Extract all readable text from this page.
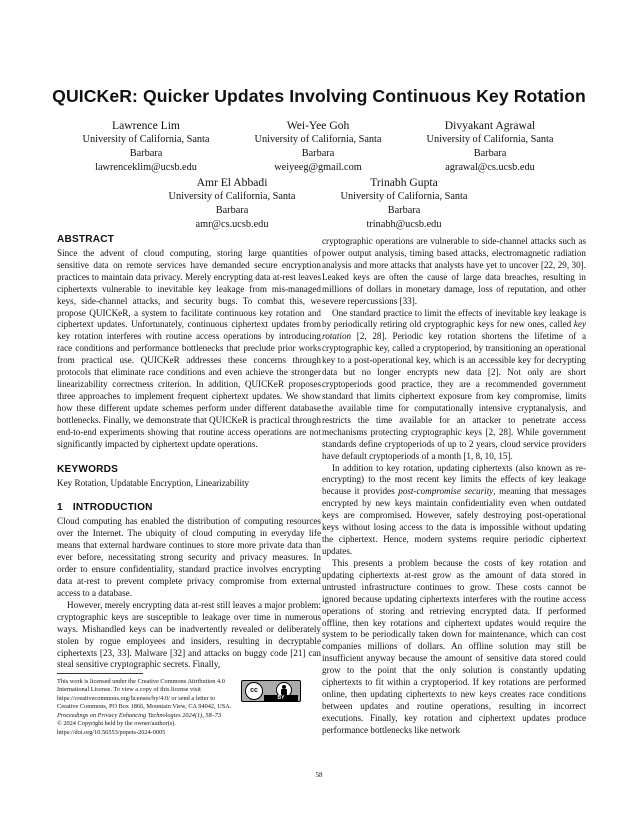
QUICKeR: Quicker Updates Involving Continuous Key Rotation
Lawrence Lim
University of California, Santa
Barbara
lawrenceklim@ucsb.edu
Wei-Yee Goh
University of California, Santa
Barbara
weiyeeg@gmail.com
Divyakant Agrawal
University of California, Santa
Barbara
agrawal@cs.ucsb.edu
Amr El Abbadi
University of California, Santa
Barbara
amr@cs.ucsb.edu
Trinabh Gupta
University of California, Santa
Barbara
trinabh@ucsb.edu
ABSTRACT

Since the advent of cloud computing, storing large quantities of sensitive data on remote services have demanded secure encryption practices to maintain data privacy. Merely encrypting data at-rest leaves ciphertexts vulnerable to inevitable key leakage from mis-managed keys, side-channel attacks, and security bugs. To combat this, we propose QUICKeR, a system to facilitate continuous key rotation and ciphertext updates. Unfortunately, continuous ciphertext updates from key rotation interferes with routine access operations by introducing race conditions and performance bottlenecks that preclude prior works from practical use. QUICKeR addresses these concerns through protocols that eliminate race conditions and even achieve the stronger linearizability correctness criterion. In addition, QUICKeR proposes three approaches to implement frequent ciphertext updates. We show how these different update schemes perform under different database bottlenecks. Finally, we demonstrate that QUICKeR is practical through end-to-end experiments showing that routine access operations are not significantly impacted by ciphertext update operations.

KEYWORDS

Key Rotation, Updatable Encryption, Linearizability

1 INTRODUCTION

Cloud computing has enabled the distribution of computing resources over the Internet. The ubiquity of cloud computing in everyday life means that external hardware continues to store more private data than ever before, necessitating strong security and privacy measures. In order to ensure confidentiality, standard practice involves encrypting data at-rest to prevent complete privacy compromise from external access to a database.

However, merely encrypting data at-rest still leaves a major problem: cryptographic keys are susceptible to leakage over time in numerous ways. Mishandled keys can be inadvertently revealed or deliberately stolen by rogue employees and insiders, resulting in decryptable ciphertexts [23, 33]. Malware [32] and attacks on buggy code [21] can steal sensitive cryptographic secrets. Finally,

cryptographic operations are vulnerable to side-channel attacks such as power output analysis, timing based attacks, electromagnetic radiation analysis and more attacks that analysts have yet to uncover [22, 29, 30]. Leaked keys are often the cause of large data breaches, resulting in millions of dollars in monetary damage, loss of reputation, and other severe repercussions [33].

One standard practice to limit the effects of inevitable key leakage is by periodically retiring old cryptographic keys for new ones, called key rotation [2, 28]. Periodic key rotation shortens the lifetime of a cryptographic key, called a cryptoperiod, by transitioning an operational key to a post-operational key, which is an accessible key for decrypting data but no longer encrypts new data [2]. Not only are short cryptoperiods good practice, they are a recommended government standard that limits ciphertext exposure from key compromise, limits the available time for computationally intensive cryptanalysis, and restricts the time available for an attacker to penetrate access mechanisms protecting cryptographic keys [2, 28]. While government standards define cryptoperiods of up to 2 years, cloud service providers have default cryptoperiods of a month [1, 8, 10, 15].

In addition to key rotation, updating ciphertexts (also known as re-encrypting) to the most recent key limits the effects of key leakage because it provides post-compromise security, meaning that messages encrypted by new keys maintain confidentiality even when outdated keys are compromised. However, safely destroying post-operational keys without losing access to the data is impossible without updating the ciphertext. Hence, modern systems require periodic ciphertext updates.

This presents a problem because the costs of key rotation and updating ciphertexts at-rest grow as the amount of data stored in untrusted infrastructure continues to grow. These costs cannot be ignored because updating ciphertexts interferes with the routine access operations of storing and retrieving encrypted data. If performed offline, then key rotations and ciphertext updates would require the system to be periodically taken down for maintenance, which can cost companies millions of dollars. An offline solution may still be insufficient anyway because the amount of sensitive data stored could grow to the point that the only solution is constantly updating ciphertexts to fit within a cryptoperiod. If key rotations are performed online, then updating ciphertexts to new keys creates race conditions between updates and routine operations, resulting in incorrect executions. Finally, key rotation and ciphertext updates produce performance bottlenecks like network

This work is licensed under the Creative Commons Attribution 4.0 International License. To view a copy of this license visit https://creativecommons.org/licenses/by/4.0/ or send a letter to Creative Commons, PO Box 1866, Mountain View, CA 94042, USA.
cc
BY
Proceedings on Privacy Enhancing Technologies 2024(1), 58–73
© 2024 Copyright held by the owner/author(s).
https://doi.org/10.56553/popets-2024-0005
58
